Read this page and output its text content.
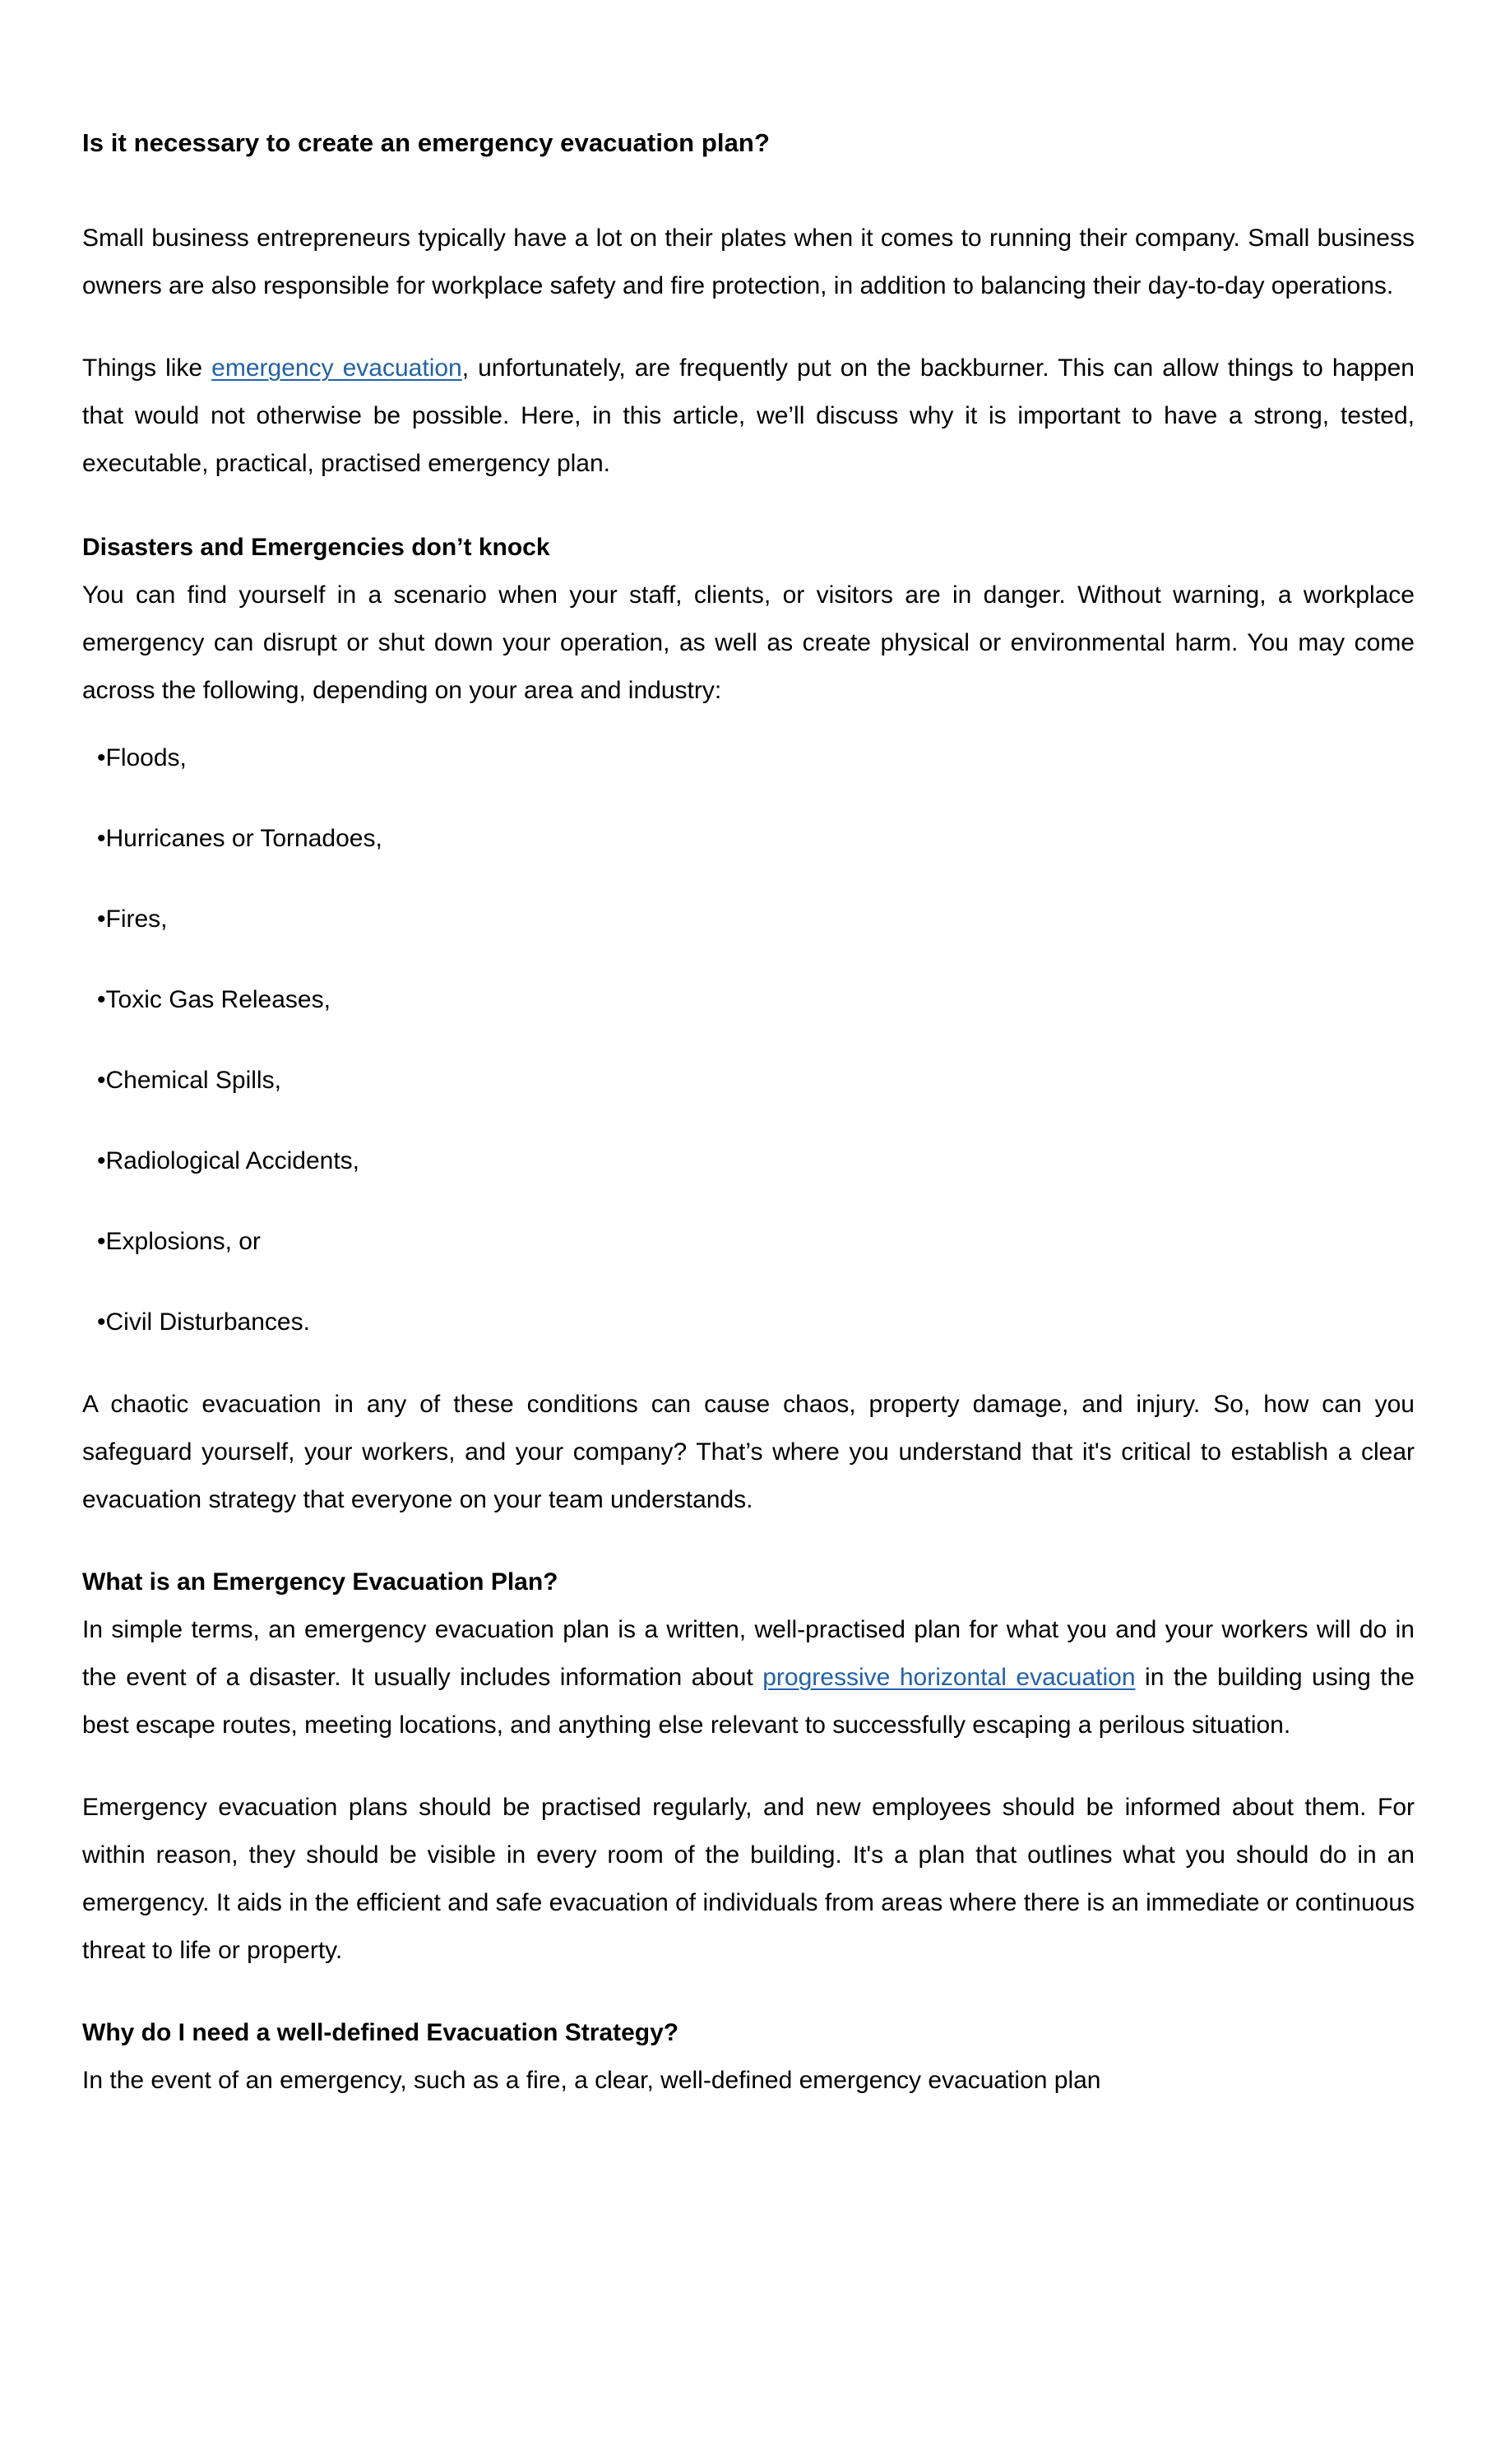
Is it necessary to create an emergency evacuation plan?

Small business entrepreneurs typically have a lot on their plates when it comes to running their company. Small business owners are also responsible for workplace safety and fire protection, in addition to balancing their day-to-day operations.

Things like emergency evacuation, unfortunately, are frequently put on the backburner. This can allow things to happen that would not otherwise be possible. Here, in this article, we’ll discuss why it is important to have a strong, tested, executable, practical, practised emergency plan.

Disasters and Emergencies don’t knock

You can find yourself in a scenario when your staff, clients, or visitors are in danger. Without warning, a workplace emergency can disrupt or shut down your operation, as well as create physical or environmental harm. You may come across the following, depending on your area and industry:

•Floods,
•Hurricanes or Tornadoes,
•Fires,
•Toxic Gas Releases,
•Chemical Spills,
•Radiological Accidents,
•Explosions, or
•Civil Disturbances.

A chaotic evacuation in any of these conditions can cause chaos, property damage, and injury. So, how can you safeguard yourself, your workers, and your company? That’s where you understand that it's critical to establish a clear evacuation strategy that everyone on your team understands.

What is an Emergency Evacuation Plan?

In simple terms, an emergency evacuation plan is a written, well-practised plan for what you and your workers will do in the event of a disaster. It usually includes information about progressive horizontal evacuation in the building using the best escape routes, meeting locations, and anything else relevant to successfully escaping a perilous situation.

Emergency evacuation plans should be practised regularly, and new employees should be informed about them. For within reason, they should be visible in every room of the building. It's a plan that outlines what you should do in an emergency. It aids in the efficient and safe evacuation of individuals from areas where there is an immediate or continuous threat to life or property.

Why do I need a well-defined Evacuation Strategy?

In the event of an emergency, such as a fire, a clear, well-defined emergency evacuation plan
